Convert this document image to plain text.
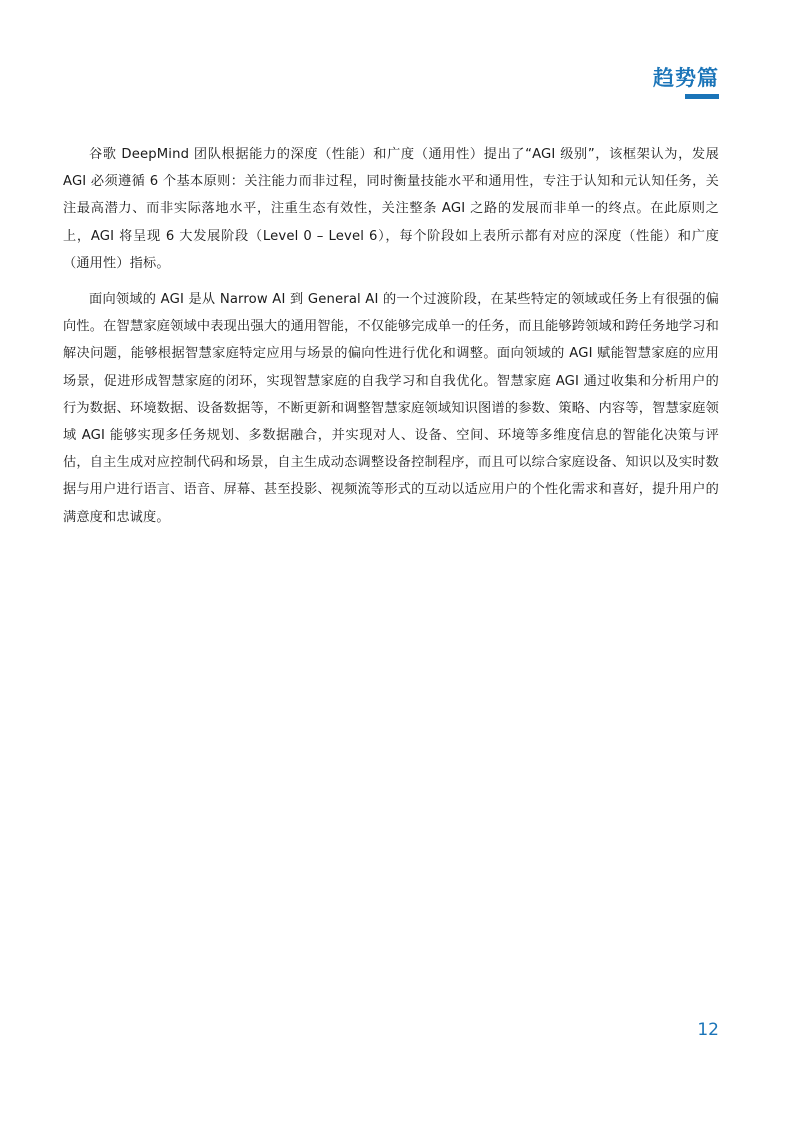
趋势篇

谷歌 DeepMind 团队根据能力的深度（性能）和广度（通用性）提出了“AGI 级别”，该框架认为，发展 AGI 必须遵循 6 个基本原则：关注能力而非过程，同时衡量技能水平和通用性，专注于认知和元认知任务，关注最高潜力、而非实际落地水平，注重生态有效性，关注整条 AGI 之路的发展而非单一的终点。在此原则之上，AGI 将呈现 6 大发展阶段（Level 0 – Level 6），每个阶段如上表所示都有对应的深度（性能）和广度（通用性）指标。

面向领域的 AGI 是从 Narrow AI 到 General AI 的一个过渡阶段，在某些特定的领域或任务上有很强的偏向性。在智慧家庭领域中表现出强大的通用智能，不仅能够完成单一的任务，而且能够跨领域和跨任务地学习和解决问题，能够根据智慧家庭特定应用与场景的偏向性进行优化和调整。面向领域的 AGI 赋能智慧家庭的应用场景，促进形成智慧家庭的闭环，实现智慧家庭的自我学习和自我优化。智慧家庭 AGI 通过收集和分析用户的行为数据、环境数据、设备数据等，不断更新和调整智慧家庭领域知识图谱的参数、策略、内容等，智慧家庭领域 AGI 能够实现多任务规划、多数据融合，并实现对人、设备、空间、环境等多维度信息的智能化决策与评估，自主生成对应控制代码和场景，自主生成动态调整设备控制程序，而且可以综合家庭设备、知识以及实时数据与用户进行语言、语音、屏幕、甚至投影、视频流等形式的互动以适应用户的个性化需求和喜好，提升用户的满意度和忠诚度。

12
